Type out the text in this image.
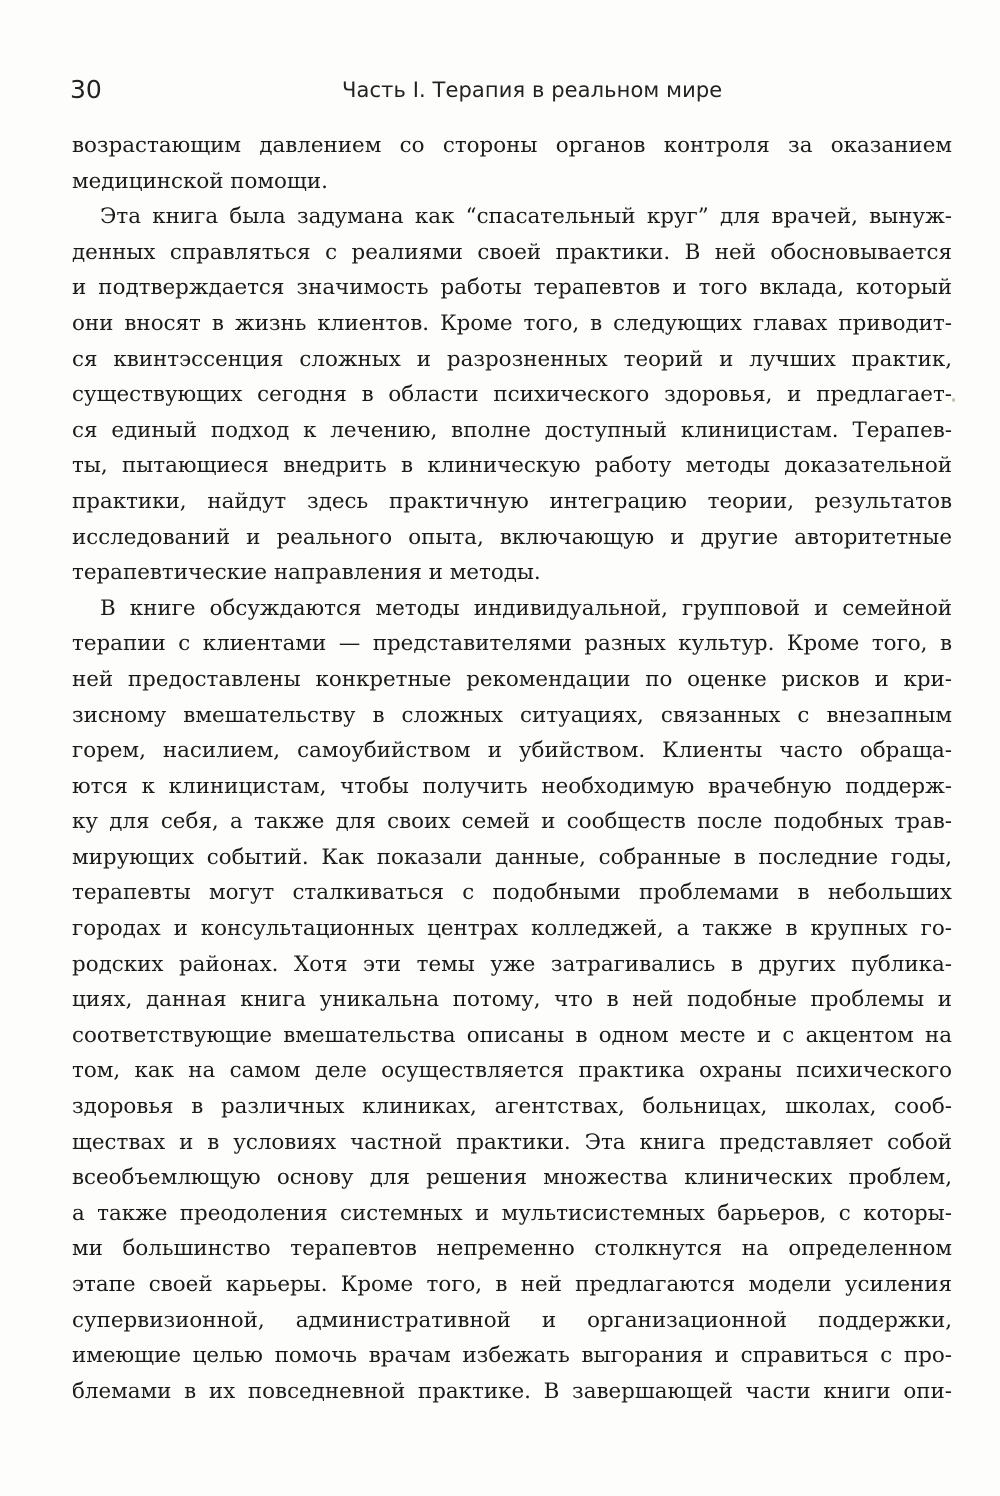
30	Часть I. Терапия в реальном мире
возрастающим давлением со стороны органов контроля за оказанием
медицинской помощи.
Эта книга была задумана как “спасательный круг” для врачей, вынуж-
денных справляться с реалиями своей практики. В ней обосновывается
и подтверждается значимость работы терапевтов и того вклада, который
они вносят в жизнь клиентов. Кроме того, в следующих главах приводит-
ся квинтэссенция сложных и разрозненных теорий и лучших практик,
существующих сегодня в области психического здоровья, и предлагает-
ся единый подход к лечению, вполне доступный клиницистам. Терапев-
ты, пытающиеся внедрить в клиническую работу методы доказательной
практики, найдут здесь практичную интеграцию теории, результатов
исследований и реального опыта, включающую и другие авторитетные
терапевтические направления и методы.
В книге обсуждаются методы индивидуальной, групповой и семейной
терапии с клиентами — представителями разных культур. Кроме того, в
ней предоставлены конкретные рекомендации по оценке рисков и кри-
зисному вмешательству в сложных ситуациях, связанных с внезапным
горем, насилием, самоубийством и убийством. Клиенты часто обраща-
ются к клиницистам, чтобы получить необходимую врачебную поддерж-
ку для себя, а также для своих семей и сообществ после подобных трав-
мирующих событий. Как показали данные, собранные в последние годы,
терапевты могут сталкиваться с подобными проблемами в небольших
городах и консультационных центрах колледжей, а также в крупных го-
родских районах. Хотя эти темы уже затрагивались в других публика-
циях, данная книга уникальна потому, что в ней подобные проблемы и
соответствующие вмешательства описаны в одном месте и с акцентом на
том, как на самом деле осуществляется практика охраны психического
здоровья в различных клиниках, агентствах, больницах, школах, сооб-
ществах и в условиях частной практики. Эта книга представляет собой
всеобъемлющую основу для решения множества клинических проблем,
а также преодоления системных и мультисистемных барьеров, с которы-
ми большинство терапевтов непременно столкнутся на определенном
этапе своей карьеры. Кроме того, в ней предлагаются модели усиления
супервизионной, административной и организационной поддержки,
имеющие целью помочь врачам избежать выгорания и справиться с про-
блемами в их повседневной практике. В завершающей части книги опи-
